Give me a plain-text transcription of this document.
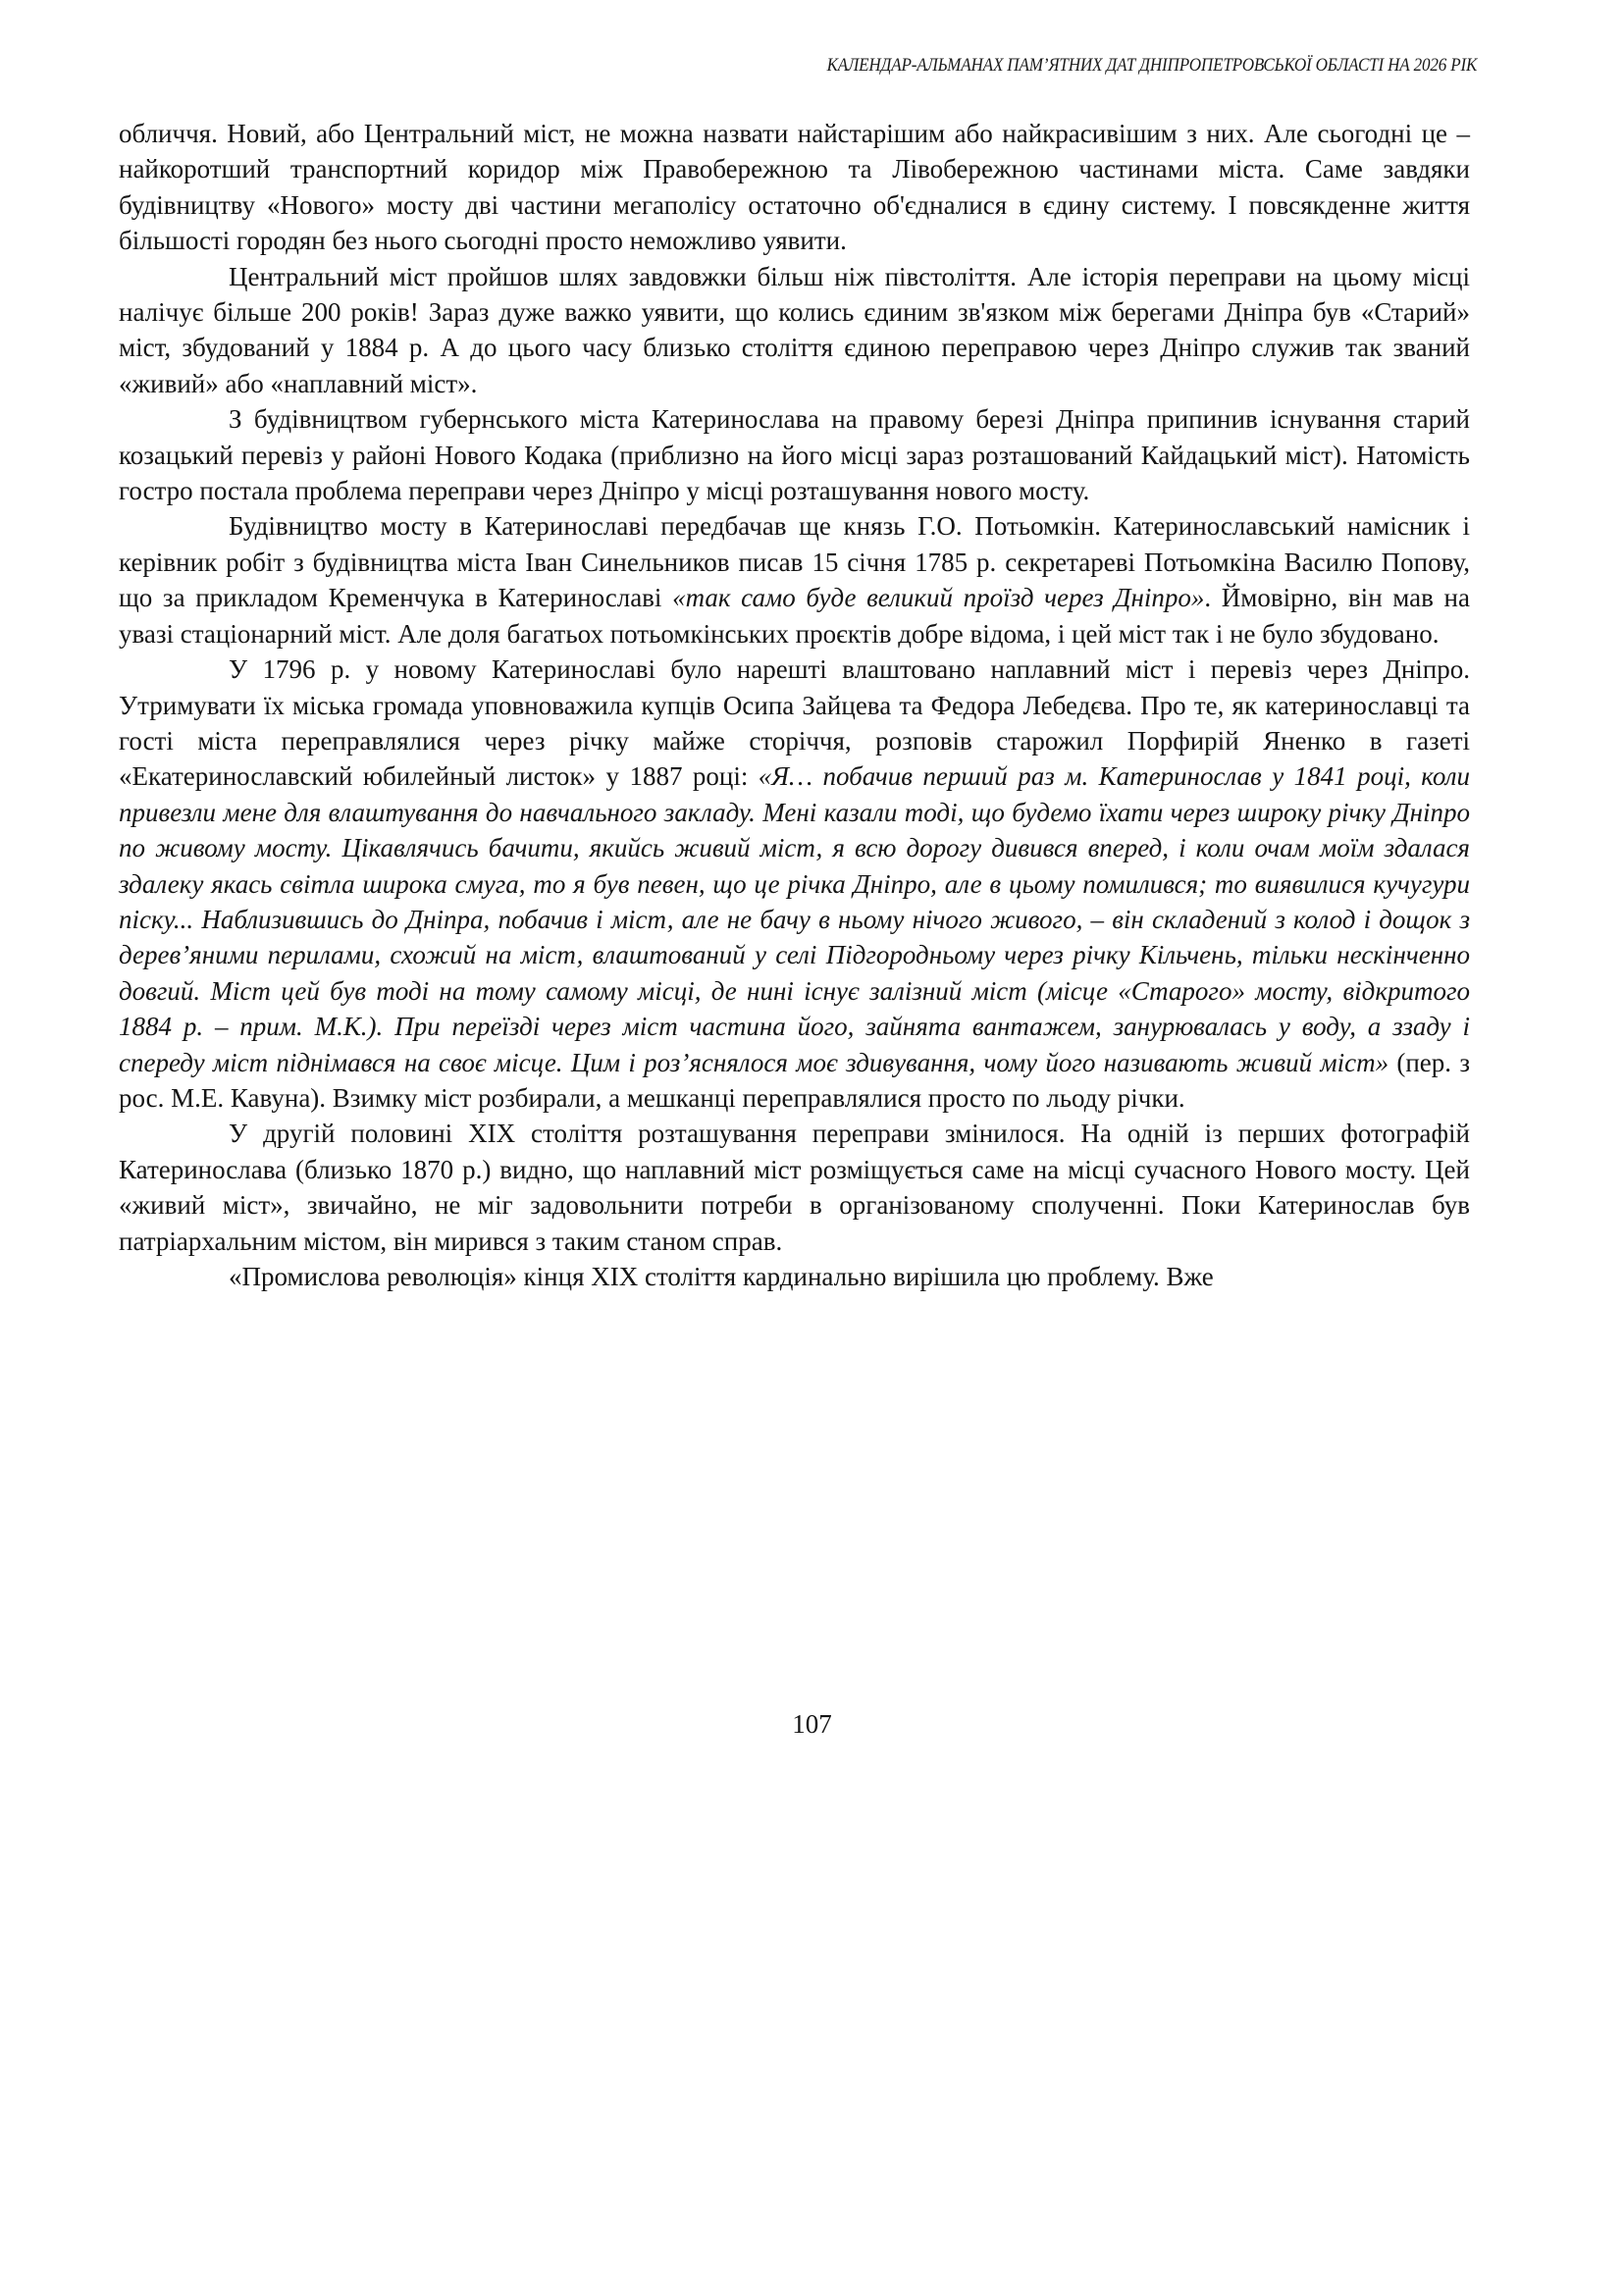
КАЛЕНДАР-АЛЬМАНАХ ПАМ’ЯТНИХ ДАТ ДНІПРОПЕТРОВСЬКОЇ ОБЛАСТІ НА 2026 РІК

обличчя. Новий, або Центральний міст, не можна назвати найстарішим або найкрасивішим з них. Але сьогодні це – найкоротший транспортний коридор між Правобережною та Лівобережною частинами міста. Саме завдяки будівництву «Нового» мосту дві частини мегаполісу остаточно об'єдналися в єдину систему. І повсякденне життя більшості городян без нього сьогодні просто неможливо уявити.

Центральний міст пройшов шлях завдовжки більш ніж півстоліття. Але історія переправи на цьому місці налічує більше 200 років! Зараз дуже важко уявити, що колись єдиним зв'язком між берегами Дніпра був «Старий» міст, збудований у 1884 р. А до цього часу близько століття єдиною переправою через Дніпро служив так званий «живий» або «наплавний міст».

З будівництвом губернського міста Катеринослава на правому березі Дніпра припинив існування старий козацький перевіз у районі Нового Кодака (приблизно на його місці зараз розташований Кайдацький міст). Натомість гостро постала проблема переправи через Дніпро у місці розташування нового мосту.

Будівництво мосту в Катеринославі передбачав ще князь Г.О. Потьомкін. Катеринославський намісник і керівник робіт з будівництва міста Іван Синельников писав 15 січня 1785 р. секретареві Потьомкіна Василю Попову, що за прикладом Кременчука в Катеринославі «так само буде великий проїзд через Дніпро». Ймовірно, він мав на увазі стаціонарний міст. Але доля багатьох потьомкінських проєктів добре відома, і цей міст так і не було збудовано.

У 1796 р. у новому Катеринославі було нарешті влаштовано наплавний міст і перевіз через Дніпро. Утримувати їх міська громада уповноважила купців Осипа Зайцева та Федора Лебедєва. Про те, як катеринославці та гості міста переправлялися через річку майже сторіччя, розповів старожил Порфирій Яненко в газеті «Екатеринославский юбилейный листок» у 1887 році: «Я… побачив перший раз м. Катеринослав у 1841 році, коли привезли мене для влаштування до навчального закладу. Мені казали тоді, що будемо їхати через широку річку Дніпро по живому мосту. Цікавлячись бачити, якийсь живий міст, я всю дорогу дивився вперед, і коли очам моїм здалася здалеку якась світла широка смуга, то я був певен, що це річка Дніпро, але в цьому помилився; то виявилися кучугури піску... Наблизившись до Дніпра, побачив і міст, але не бачу в ньому нічого живого, – він складений з колод і дощок з дерев’яними перилами, схожий на міст, влаштований у селі Підгородньому через річку Кільчень, тільки нескінченно довгий. Міст цей був тоді на тому самому місці, де нині існує залізний міст (місце «Старого» мосту, відкритого 1884 р. – прим. М.К.). При переїзді через міст частина його, зайнята вантажем, занурювалась у воду, а ззаду і спереду міст піднімався на своє місце. Цим і роз’яснялося моє здивування, чому його називають живий міст» (пер. з рос. М.Е. Кавуна). Взимку міст розбирали, а мешканці переправлялися просто по льоду річки.

У другій половині XIX століття розташування переправи змінилося. На одній із перших фотографій Катеринослава (близько 1870 р.) видно, що наплавний міст розміщується саме на місці сучасного Нового мосту. Цей «живий міст», звичайно, не міг задовольнити потреби в організованому сполученні. Поки Катеринослав був патріархальним містом, він мирився з таким станом справ.

«Промислова революція» кінця XIX століття кардинально вирішила цю проблему. Вже

107
